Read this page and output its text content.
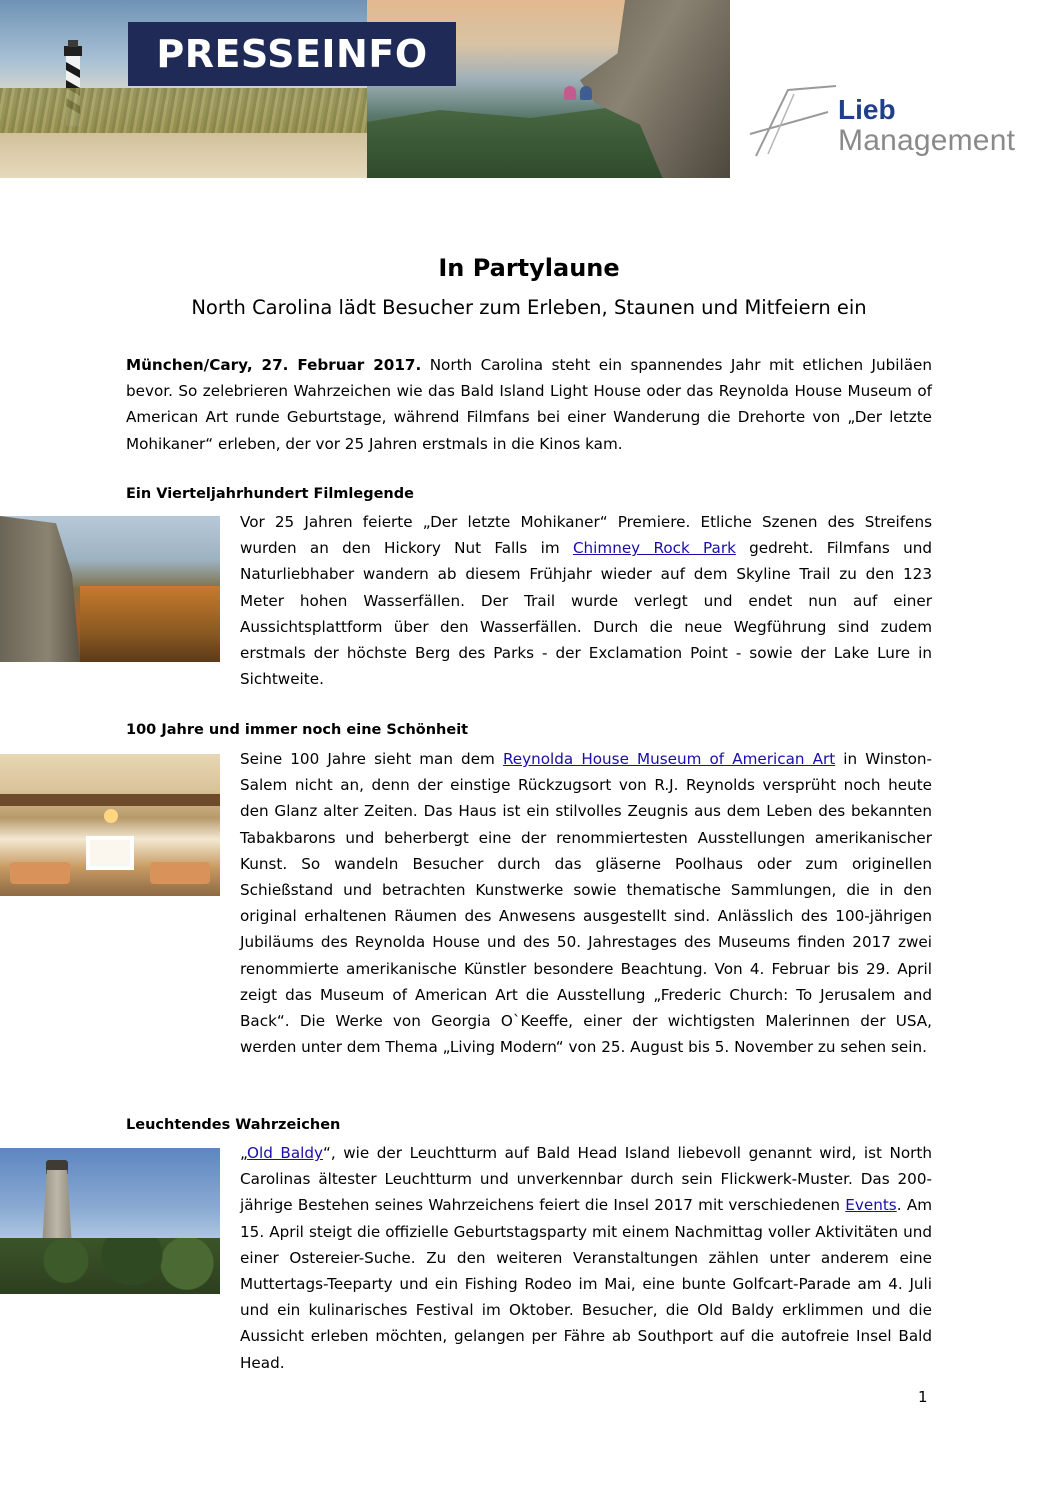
PRESSEINFO
Lieb
Management
In Partylaune
North Carolina lädt Besucher zum Erleben, Staunen und Mitfeiern ein

München/Cary, 27. Februar 2017. North Carolina steht ein spannendes Jahr mit etlichen Jubiläen bevor. So zelebrieren Wahrzeichen wie das Bald Island Light House oder das Reynolda House Museum of American Art runde Geburtstage, während Filmfans bei einer Wanderung die Drehorte von „Der letzte Mohikaner“ erleben, der vor 25 Jahren erstmals in die Kinos kam.

Ein Vierteljahrhundert Filmlegende

Vor 25 Jahren feierte „Der letzte Mohikaner“ Premiere. Etliche Szenen des Streifens wurden an den Hickory Nut Falls im Chimney Rock Park gedreht. Filmfans und Naturliebhaber wandern ab diesem Frühjahr wieder auf dem Skyline Trail zu den 123 Meter hohen Wasserfällen. Der Trail wurde verlegt und endet nun auf einer Aussichtsplattform über den Wasserfällen. Durch die neue Wegführung sind zudem erstmals der höchste Berg des Parks - der Exclamation Point - sowie der Lake Lure in Sichtweite.

100 Jahre und immer noch eine Schönheit

Seine 100 Jahre sieht man dem Reynolda House Museum of American Art in Winston-Salem nicht an, denn der einstige Rückzugsort von R.J. Reynolds versprüht noch heute den Glanz alter Zeiten. Das Haus ist ein stilvolles Zeugnis aus dem Leben des bekannten Tabakbarons und beherbergt eine der renommiertesten Ausstellungen amerikanischer Kunst. So wandeln Besucher durch das gläserne Poolhaus oder zum originellen Schießstand und betrachten Kunstwerke sowie thematische Sammlungen, die in den original erhaltenen Räumen des Anwesens ausgestellt sind. Anlässlich des 100-jährigen Jubiläums des Reynolda House und des 50. Jahrestages des Museums finden 2017 zwei renommierte amerikanische Künstler besondere Beachtung. Von 4. Februar bis 29. April zeigt das Museum of American Art die Ausstellung „Frederic Church: To Jerusalem and Back“. Die Werke von Georgia O`Keeffe, einer der wichtigsten Malerinnen der USA, werden unter dem Thema „Living Modern“ von 25. August bis 5. November zu sehen sein.

Leuchtendes Wahrzeichen

„Old Baldy“, wie der Leuchtturm auf Bald Head Island liebevoll genannt wird, ist North Carolinas ältester Leuchtturm und unverkennbar durch sein Flickwerk-Muster. Das 200-jährige Bestehen seines Wahrzeichens feiert die Insel 2017 mit verschiedenen Events. Am 15. April steigt die offizielle Geburtstagsparty mit einem Nachmittag voller Aktivitäten und einer Ostereier-Suche. Zu den weiteren Veranstaltungen zählen unter anderem eine Muttertags-Teeparty und ein Fishing Rodeo im Mai, eine bunte Golfcart-Parade am 4. Juli und ein kulinarisches Festival im Oktober. Besucher, die Old Baldy erklimmen und die Aussicht erleben möchten, gelangen per Fähre ab Southport auf die autofreie Insel Bald Head.

1
